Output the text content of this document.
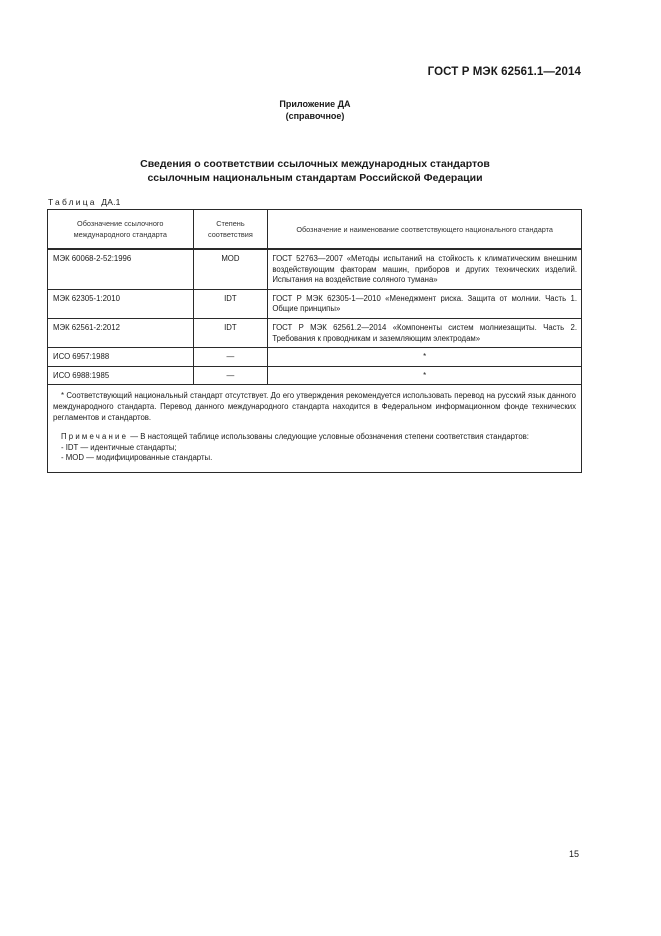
ГОСТ Р МЭК 62561.1—2014
Приложение ДА
(справочное)
Сведения о соответствии ссылочных международных стандартов
ссылочным национальным стандартам Российской Федерации
Таблица ДА.1
Обозначение ссылочного международного стандарта	Степень соответствия	Обозначение и наименование соответствующего национального стандарта
МЭК 60068-2-52:1996	MOD	ГОСТ 52763—2007 «Методы испытаний на стойкость к климатическим внешним воздействующим факторам машин, приборов и других технических изделий. Испытания на воздействие соляного тумана»
МЭК 62305-1:2010	IDT	ГОСТ Р МЭК 62305-1—2010 «Менеджмент риска. Защита от молнии. Часть 1. Общие принципы»
МЭК 62561-2:2012	IDT	ГОСТ Р МЭК 62561.2—2014 «Компоненты систем молниезащиты. Часть 2. Требования к проводникам и заземляющим электродам»
ИСО 6957:1988	—	*
ИСО 6988:1985	—	*

* Соответствующий национальный стандарт отсутствует. До его утверждения рекомендуется использовать перевод на русский язык данного международного стандарта. Перевод данного международного стандарта находится в Федеральном информационном фонде технических регламентов и стандартов.

Примечание — В настоящей таблице использованы следующие условные обозначения степени соответствия стандартов:

- IDT — идентичные стандарты;

- MOD — модифицированные стандарты.		

15
